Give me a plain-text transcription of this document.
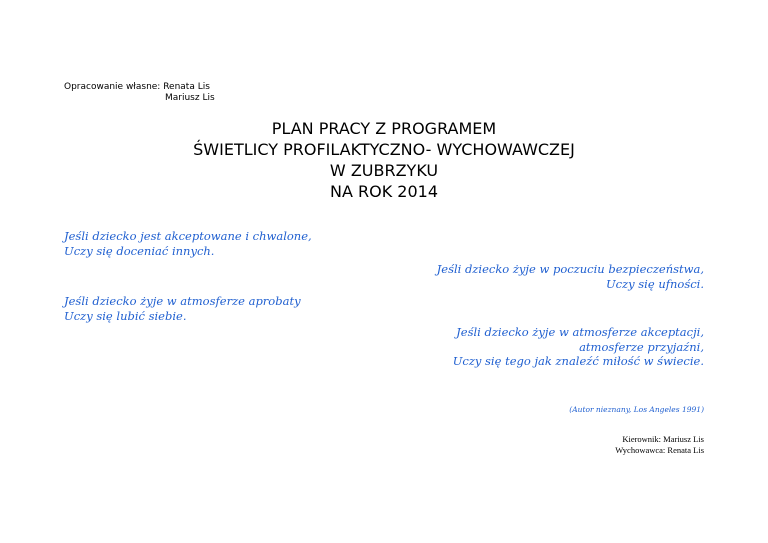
Opracowanie własne: Renata Lis
Mariusz Lis
PLAN PRACY Z PROGRAMEM
ŚWIETLICY PROFILAKTYCZNO- WYCHOWAWCZEJ
W ZUBRZYKU
NA ROK 2014
Jeśli dziecko jest akceptowane i chwalone,
Uczy się doceniać innych.
Jeśli dziecko żyje w poczuciu bezpieczeństwa,
Uczy się ufności.
Jeśli dziecko żyje w atmosferze aprobaty
Uczy się lubić siebie.
Jeśli dziecko żyje w atmosferze akceptacji,
atmosferze przyjaźni,
Uczy się tego jak znaleźć miłość w świecie.
(Autor nieznany, Los Angeles 1991)
Kierownik: Mariusz Lis
Wychowawca: Renata Lis
